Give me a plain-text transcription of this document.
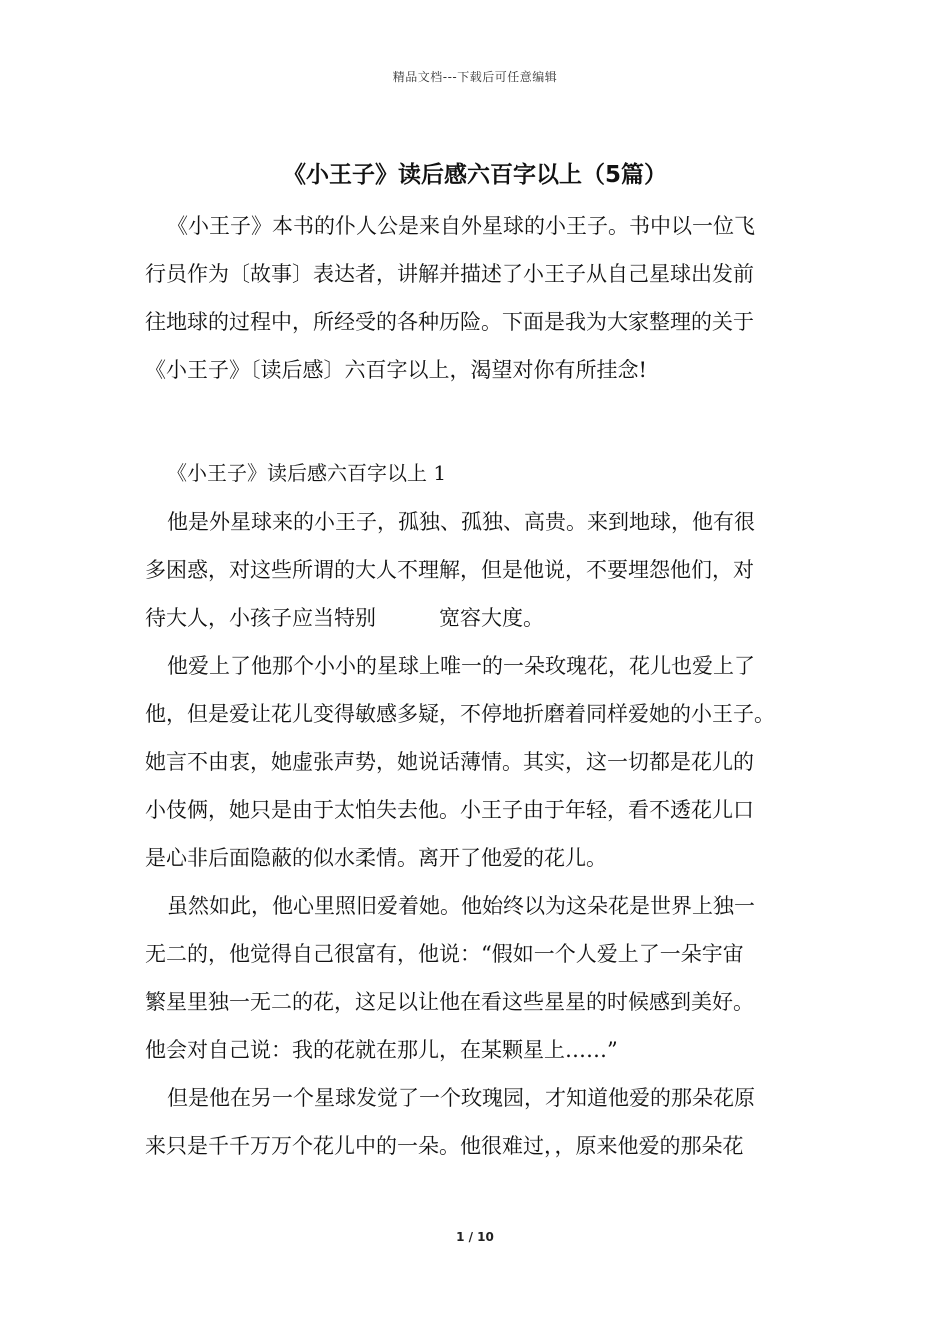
精品文档---下载后可任意编辑
《小王子》读后感六百字以上（5篇）
《小王子》本书的仆人公是来自外星球的小王子。书中以一位飞
行员作为〔故事〕表达者，讲解并描述了小王子从自己星球出发前
往地球的过程中，所经受的各种历险。下面是我为大家整理的关于
《小王子》〔读后感〕六百字以上，渴望对你有所挂念!
《小王子》读后感六百字以上 1
他是外星球来的小王子，孤独、孤独、高贵。来到地球，他有很
多困惑，对这些所谓的大人不理解，但是他说，不要埋怨他们，对
待大人，小孩子应当特别　　　宽容大度。
他爱上了他那个小小的星球上唯一的一朵玫瑰花，花儿也爱上了
他，但是爱让花儿变得敏感多疑，不停地折磨着同样爱她的小王子。
她言不由衷，她虚张声势，她说话薄情。其实，这一切都是花儿的
小伎俩，她只是由于太怕失去他。小王子由于年轻，看不透花儿口
是心非后面隐蔽的似水柔情。离开了他爱的花儿。
虽然如此，他心里照旧爱着她。他始终以为这朵花是世界上独一
无二的，他觉得自己很富有，他说：“假如一个人爱上了一朵宇宙
繁星里独一无二的花，这足以让他在看这些星星的时候感到美好。
他会对自己说：我的花就在那儿，在某颗星上……”
但是他在另一个星球发觉了一个玫瑰园，才知道他爱的那朵花原
来只是千千万万个花儿中的一朵。他很难过，，原来他爱的那朵花
1 / 10
